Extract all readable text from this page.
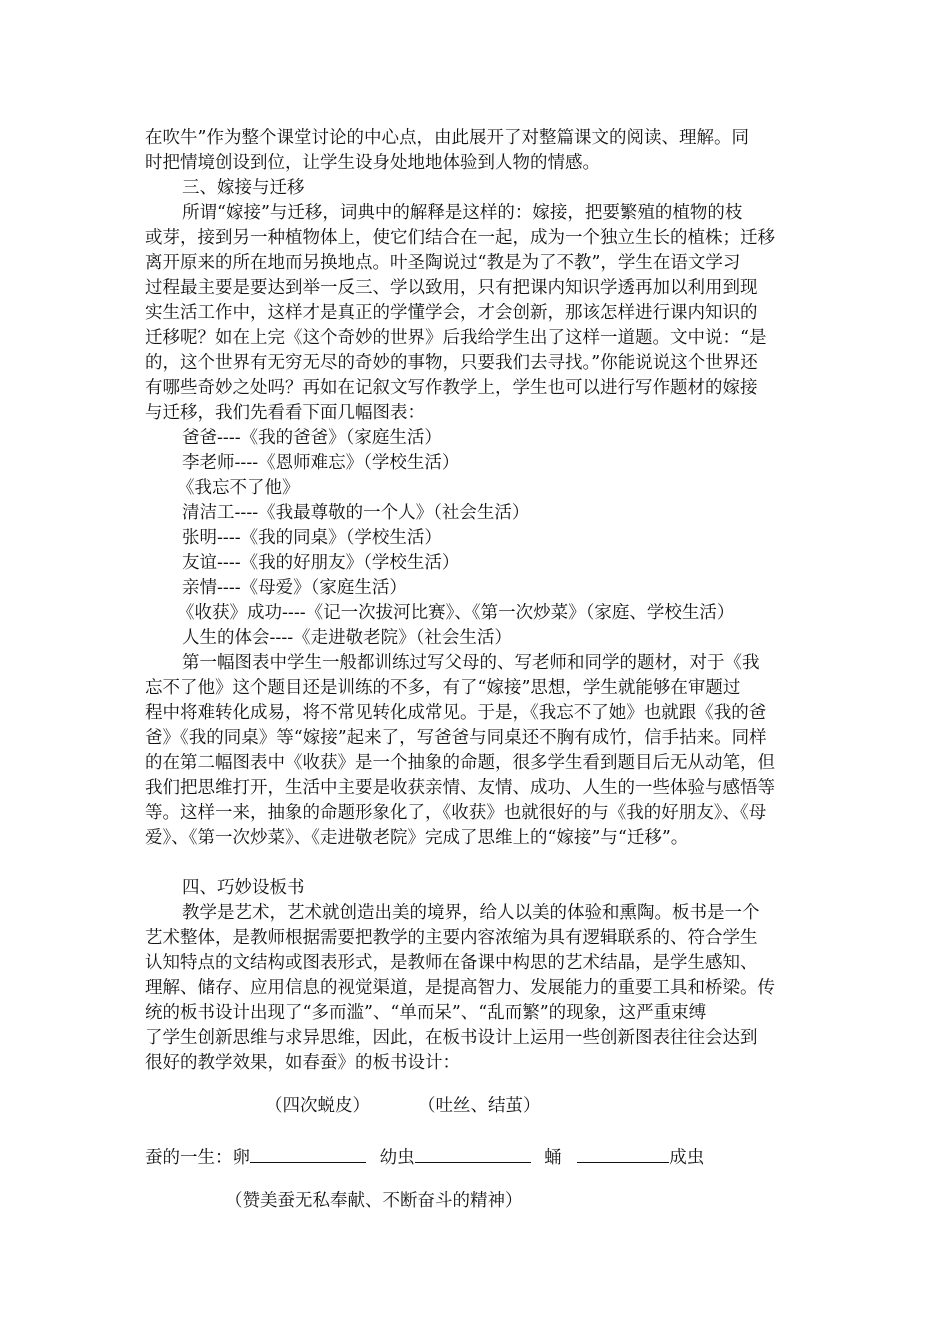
在吹牛”作为整个课堂讨论的中心点，由此展开了对整篇课文的阅读、理解。同
时把情境创设到位，让学生设身处地地体验到人物的情感。
三、嫁接与迁移
所谓“嫁接”与迁移，词典中的解释是这样的：嫁接，把要繁殖的植物的枝
或芽，接到另一种植物体上，使它们结合在一起，成为一个独立生长的植株；迁移
离开原来的所在地而另换地点。叶圣陶说过“教是为了不教”，学生在语文学习
过程最主要是要达到举一反三、学以致用，只有把课内知识学透再加以利用到现
实生活工作中，这样才是真正的学懂学会，才会创新，那该怎样进行课内知识的
迁移呢？如在上完《这个奇妙的世界》后我给学生出了这样一道题。文中说：“是
的，这个世界有无穷无尽的奇妙的事物，只要我们去寻找。”你能说说这个世界还
有哪些奇妙之处吗？再如在记叙文写作教学上，学生也可以进行写作题材的嫁接
与迁移，我们先看看下面几幅图表：
爸爸----《我的爸爸》（家庭生活）
李老师----《恩师难忘》（学校生活）
《我忘不了他》
清洁工----《我最尊敬的一个人》（社会生活）
张明----《我的同桌》（学校生活）
友谊----《我的好朋友》（学校生活）
亲情----《母爱》（家庭生活）
《收获》成功----《记一次拔河比赛》、《第一次炒菜》（家庭、学校生活）
人生的体会----《走进敬老院》（社会生活）
第一幅图表中学生一般都训练过写父母的、写老师和同学的题材，对于《我
忘不了他》这个题目还是训练的不多，有了“嫁接”思想，学生就能够在审题过
程中将难转化成易，将不常见转化成常见。于是，《我忘不了她》也就跟《我的爸
爸》《我的同桌》等“嫁接”起来了，写爸爸与同桌还不胸有成竹，信手拈来。同样
的在第二幅图表中《收获》是一个抽象的命题，很多学生看到题目后无从动笔，但
我们把思维打开，生活中主要是收获亲情、友情、成功、人生的一些体验与感悟等
等。这样一来，抽象的命题形象化了，《收获》也就很好的与《我的好朋友》、《母
爱》、《第一次炒菜》、《走进敬老院》完成了思维上的“嫁接”与“迁移”。
四、巧妙设板书
教学是艺术，艺术就创造出美的境界，给人以美的体验和熏陶。板书是一个
艺术整体，是教师根据需要把教学的主要内容浓缩为具有逻辑联系的、符合学生
认知特点的文结构或图表形式，是教师在备课中构思的艺术结晶，是学生感知、
理解、储存、应用信息的视觉渠道，是提高智力、发展能力的重要工具和桥梁。传
统的板书设计出现了“多而滥”、“单而呆”、“乱而繁”的现象，这严重束缚
了学生创新思维与求异思维，因此，在板书设计上运用一些创新图表往往会达到
很好的教学效果，如春蚕》的板书设计：
（四次蜕皮）	（吐丝、结茧）
蚕的一生：卵	幼虫	蛹	成虫
（赞美蚕无私奉献、不断奋斗的精神）
